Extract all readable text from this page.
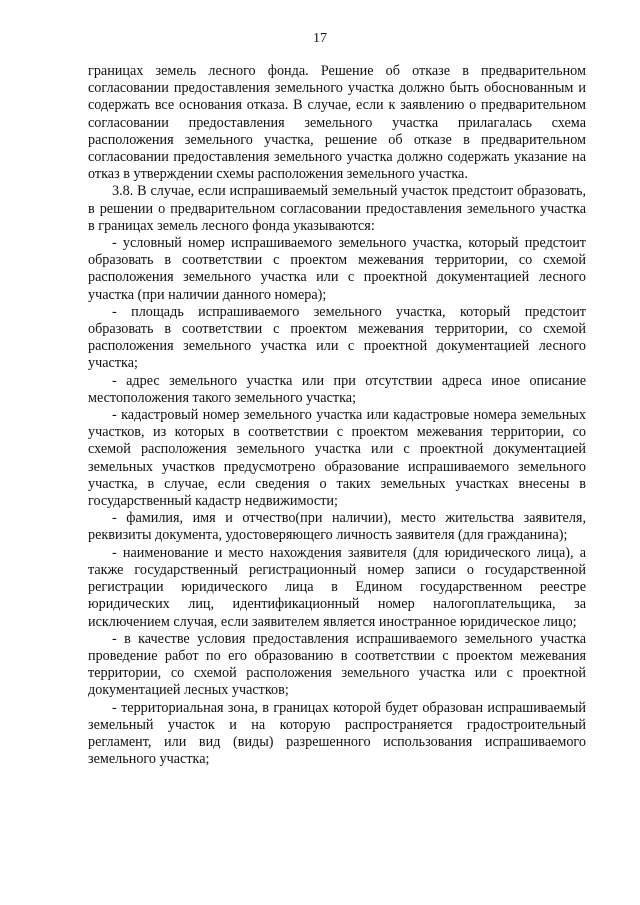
17

границах земель лесного фонда. Решение об отказе в предварительном согласовании предоставления земельного участка должно быть обоснованным и содержать все основания отказа. В случае, если к заявлению о предварительном согласовании предоставления земельного участка прилагалась схема расположения земельного участка, решение об отказе в предварительном согласовании предоставления земельного участка должно содержать указание на отказ в утверждении схемы расположения земельного участка.

3.8. В случае, если испрашиваемый земельный участок предстоит образовать, в решении о предварительном согласовании предоставления земельного участка в границах земель лесного фонда указываются:

- условный номер испрашиваемого земельного участка, который предстоит образовать в соответствии с проектом межевания территории, со схемой расположения земельного участка или с проектной документацией лесного участка (при наличии данного номера);

- площадь испрашиваемого земельного участка, который предстоит образовать в соответствии с проектом межевания территории, со схемой расположения земельного участка или с проектной документацией лесного участка;

- адрес земельного участка или при отсутствии адреса иное описание местоположения такого земельного участка;

- кадастровый номер земельного участка или кадастровые номера земельных участков, из которых в соответствии с проектом межевания территории, со схемой расположения земельного участка или с проектной документацией земельных участков предусмотрено образование испрашиваемого земельного участка, в случае, если сведения о таких земельных участках внесены в государственный кадастр недвижимости;

- фамилия, имя и отчество(при наличии), место жительства заявителя, реквизиты документа, удостоверяющего личность заявителя (для гражданина);

- наименование и место нахождения заявителя (для юридического лица), а также государственный регистрационный номер записи о государственной регистрации юридического лица в Едином государственном реестре юридических лиц, идентификационный номер налогоплательщика, за исключением случая, если заявителем является иностранное юридическое лицо;

- в качестве условия предоставления испрашиваемого земельного участка проведение работ по его образованию в соответствии с проектом межевания территории, со схемой расположения земельного участка или с проектной документацией лесных участков;

- территориальная зона, в границах которой будет образован испрашиваемый земельный участок и на которую распространяется градостроительный регламент, или вид (виды) разрешенного использования испрашиваемого земельного участка;
